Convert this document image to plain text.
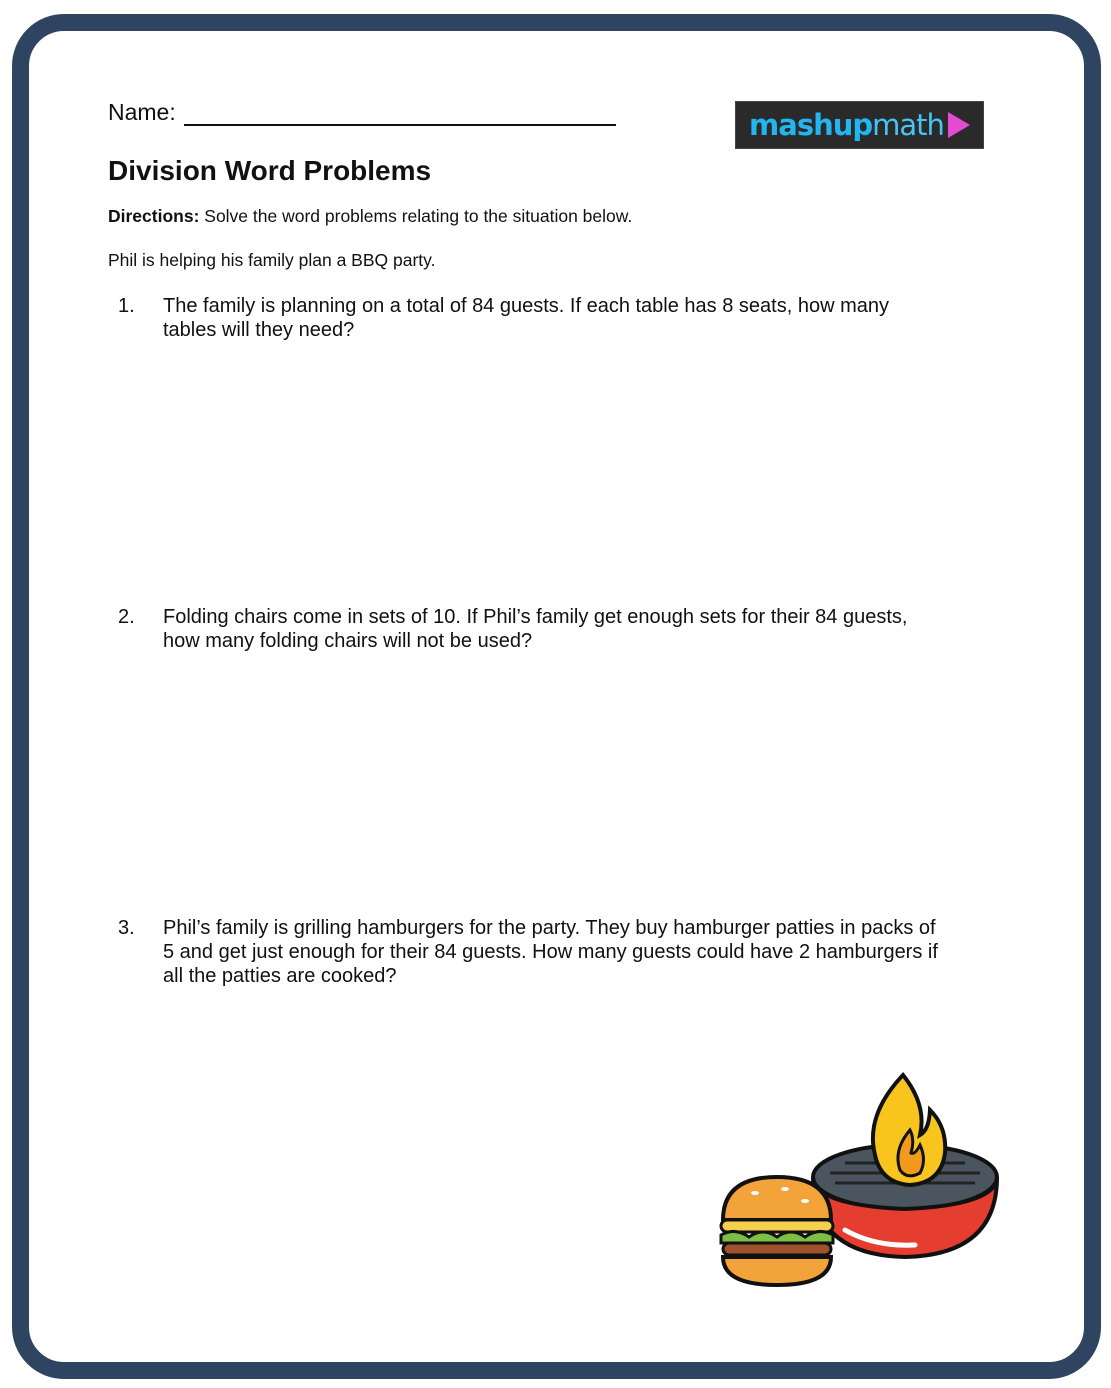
Name:	mashup math
Division Word Problems
Directions: Solve the word problems relating to the situation below.
Phil is helping his family plan a BBQ party.
1.	The family is planning on a total of 84 guests. If each table has 8 seats, how many tables will they need?
2.	Folding chairs come in sets of 10. If Phil’s family get enough sets for their 84 guests, how many folding chairs will not be used?
3.	Phil’s family is grilling hamburgers for the party. They buy hamburger patties in packs of 5 and get just enough for their 84 guests. How many guests could have 2 hamburgers if all the patties are cooked?
